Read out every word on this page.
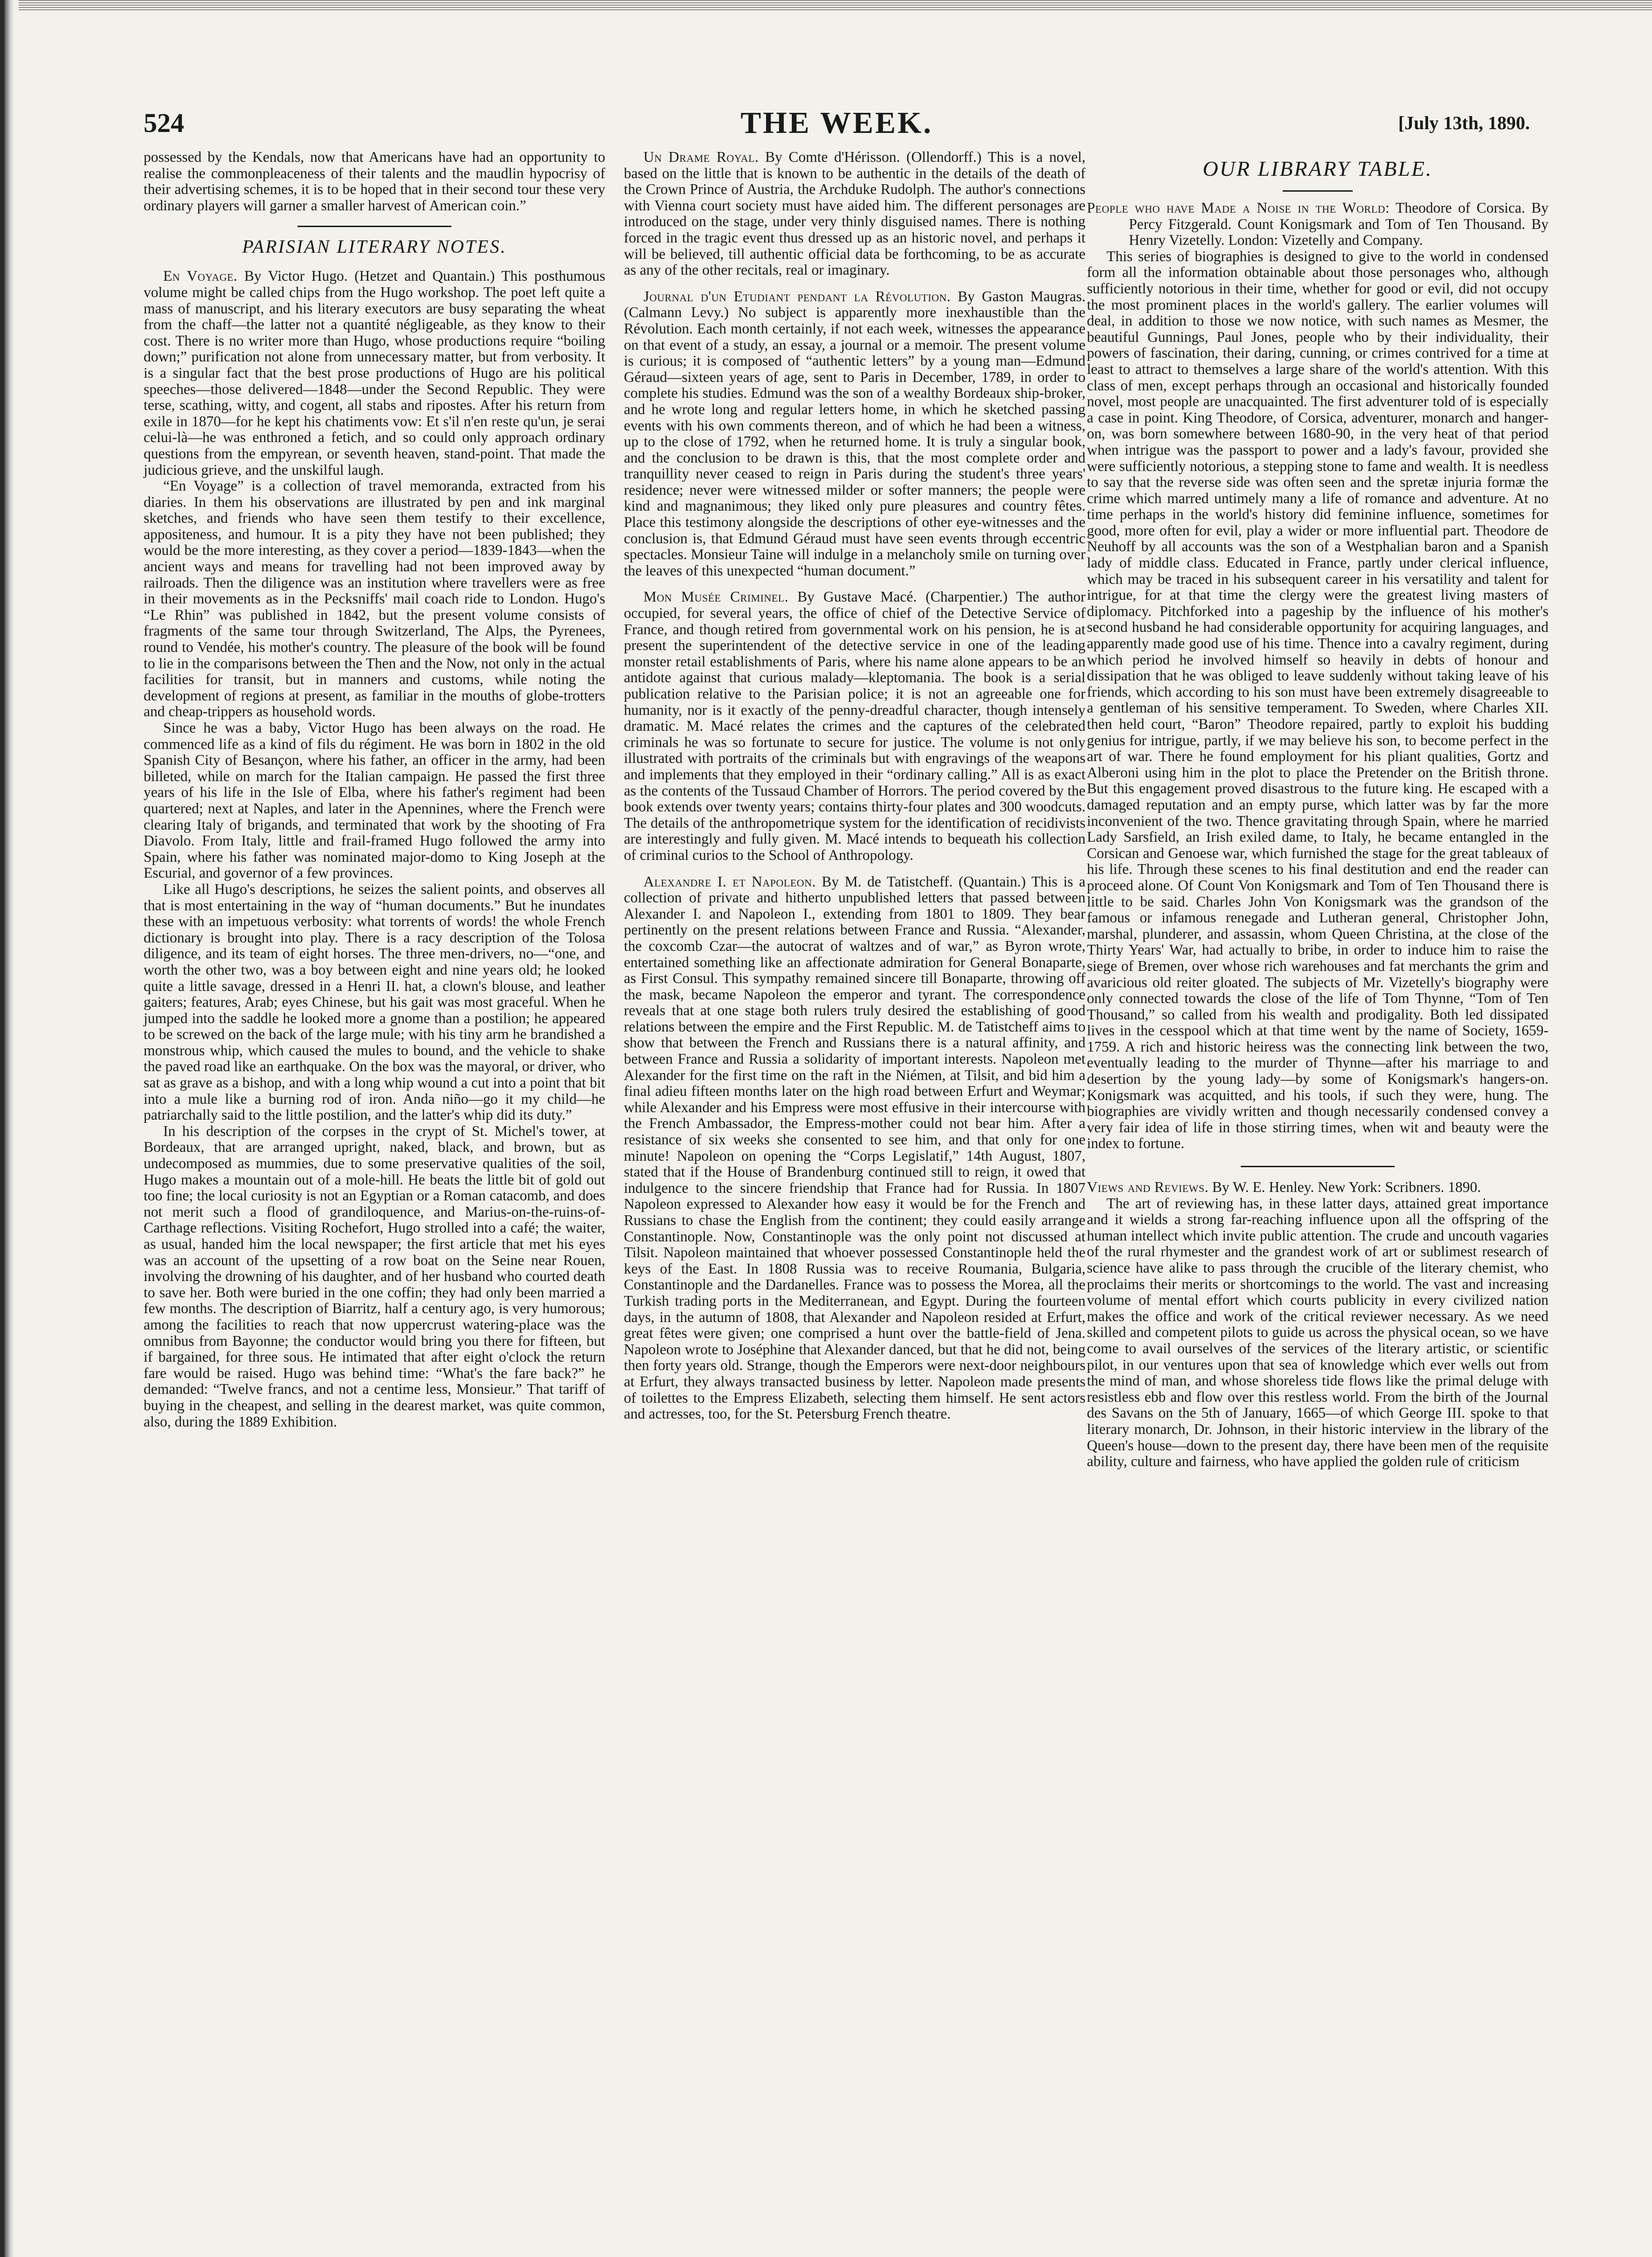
524	THE WEEK.	[July 13th, 1890.

possessed by the Kendals, now that Americans have had an opportunity to realise the commonpleaceness of their talents and the maudlin hypocrisy of their advertising schemes, it is to be hoped that in their second tour these very ordinary players will garner a smaller harvest of American coin.”

PARISIAN LITERARY NOTES.

En Voyage. By Victor Hugo. (Hetzet and Quantain.) This posthumous volume might be called chips from the Hugo workshop. The poet left quite a mass of manuscript, and his literary executors are busy separating the wheat from the chaff—the latter not a quantité négligeable, as they know to their cost. There is no writer more than Hugo, whose productions require “boiling down;” purification not alone from unnecessary matter, but from verbosity. It is a singular fact that the best prose productions of Hugo are his political speeches—those delivered—1848—under the Second Republic. They were terse, scathing, witty, and cogent, all stabs and ripostes. After his return from exile in 1870—for he kept his chatiments vow: Et s'il n'en reste qu'un, je serai celui-là—he was enthroned a fetich, and so could only approach ordinary questions from the empyrean, or seventh heaven, stand-point. That made the judicious grieve, and the unskilful laugh.

“En Voyage” is a collection of travel memoranda, extracted from his diaries. In them his observations are illustrated by pen and ink marginal sketches, and friends who have seen them testify to their excellence, appositeness, and humour. It is a pity they have not been published; they would be the more interesting, as they cover a period—1839-1843—when the ancient ways and means for travelling had not been improved away by railroads. Then the diligence was an institution where travellers were as free in their movements as in the Pecksniffs' mail coach ride to London. Hugo's “Le Rhin” was published in 1842, but the present volume consists of fragments of the same tour through Switzerland, The Alps, the Pyrenees, round to Vendée, his mother's country. The pleasure of the book will be found to lie in the comparisons between the Then and the Now, not only in the actual facilities for transit, but in manners and customs, while noting the development of regions at present, as familiar in the mouths of globe-trotters and cheap-trippers as household words.

Since he was a baby, Victor Hugo has been always on the road. He commenced life as a kind of fils du régiment. He was born in 1802 in the old Spanish City of Besançon, where his father, an officer in the army, had been billeted, while on march for the Italian campaign. He passed the first three years of his life in the Isle of Elba, where his father's regiment had been quartered; next at Naples, and later in the Apennines, where the French were clearing Italy of brigands, and terminated that work by the shooting of Fra Diavolo. From Italy, little and frail-framed Hugo followed the army into Spain, where his father was nominated major-domo to King Joseph at the Escurial, and governor of a few provinces.

Like all Hugo's descriptions, he seizes the salient points, and observes all that is most entertaining in the way of “human documents.” But he inundates these with an impetuous verbosity: what torrents of words! the whole French dictionary is brought into play. There is a racy description of the Tolosa diligence, and its team of eight horses. The three men-drivers, no—“one, and worth the other two, was a boy between eight and nine years old; he looked quite a little savage, dressed in a Henri II. hat, a clown's blouse, and leather gaiters; features, Arab; eyes Chinese, but his gait was most graceful. When he jumped into the saddle he looked more a gnome than a postilion; he appeared to be screwed on the back of the large mule; with his tiny arm he brandished a monstrous whip, which caused the mules to bound, and the vehicle to shake the paved road like an earthquake. On the box was the mayoral, or driver, who sat as grave as a bishop, and with a long whip wound a cut into a point that bit into a mule like a burning rod of iron. Anda niño—go it my child—he patriarchally said to the little postilion, and the latter's whip did its duty.”

In his description of the corpses in the crypt of St. Michel's tower, at Bordeaux, that are arranged upright, naked, black, and brown, but as undecomposed as mummies, due to some preservative qualities of the soil, Hugo makes a mountain out of a mole-hill. He beats the little bit of gold out too fine; the local curiosity is not an Egyptian or a Roman catacomb, and does not merit such a flood of grandiloquence, and Marius-on-the-ruins-of-Carthage reflections. Visiting Rochefort, Hugo strolled into a café; the waiter, as usual, handed him the local newspaper; the first article that met his eyes was an account of the upsetting of a row boat on the Seine near Rouen, involving the drowning of his daughter, and of her husband who courted death to save her. Both were buried in the one coffin; they had only been married a few months. The description of Biarritz, half a century ago, is very humorous; among the facilities to reach that now uppercrust watering-place was the omnibus from Bayonne; the conductor would bring you there for fifteen, but if bargained, for three sous. He intimated that after eight o'clock the return fare would be raised. Hugo was behind time: “What's the fare back?” he demanded: “Twelve francs, and not a centime less, Monsieur.” That tariff of buying in the cheapest, and selling in the dearest market, was quite common, also, during the 1889 Exhibition.

Un Drame Royal. By Comte d'Hérisson. (Ollendorff.) This is a novel, based on the little that is known to be authentic in the details of the death of the Crown Prince of Austria, the Archduke Rudolph. The author's connections with Vienna court society must have aided him. The different personages are introduced on the stage, under very thinly disguised names. There is nothing forced in the tragic event thus dressed up as an historic novel, and perhaps it will be believed, till authentic official data be forthcoming, to be as accurate as any of the other recitals, real or imaginary.

Journal d'un Etudiant pendant la Révolution. By Gaston Maugras. (Calmann Levy.) No subject is apparently more inexhaustible than the Révolution. Each month certainly, if not each week, witnesses the appearance on that event of a study, an essay, a journal or a memoir. The present volume is curious; it is composed of “authentic letters” by a young man—Edmund Géraud—sixteen years of age, sent to Paris in December, 1789, in order to complete his studies. Edmund was the son of a wealthy Bordeaux ship-broker, and he wrote long and regular letters home, in which he sketched passing events with his own comments thereon, and of which he had been a witness, up to the close of 1792, when he returned home. It is truly a singular book, and the conclusion to be drawn is this, that the most complete order and tranquillity never ceased to reign in Paris during the student's three years' residence; never were witnessed milder or softer manners; the people were kind and magnanimous; they liked only pure pleasures and country fêtes. Place this testimony alongside the descriptions of other eye-witnesses and the conclusion is, that Edmund Géraud must have seen events through eccentric spectacles. Monsieur Taine will indulge in a melancholy smile on turning over the leaves of this unexpected “human document.”

Mon Musée Criminel. By Gustave Macé. (Charpentier.) The author occupied, for several years, the office of chief of the Detective Service of France, and though retired from governmental work on his pension, he is at present the superintendent of the detective service in one of the leading monster retail establishments of Paris, where his name alone appears to be an antidote against that curious malady—kleptomania. The book is a serial publication relative to the Parisian police; it is not an agreeable one for humanity, nor is it exactly of the penny-dreadful character, though intensely dramatic. M. Macé relates the crimes and the captures of the celebrated criminals he was so fortunate to secure for justice. The volume is not only illustrated with portraits of the criminals but with engravings of the weapons and implements that they employed in their “ordinary calling.” All is as exact as the contents of the Tussaud Chamber of Horrors. The period covered by the book extends over twenty years; contains thirty-four plates and 300 woodcuts. The details of the anthropometrique system for the identification of recidivists are interestingly and fully given. M. Macé intends to bequeath his collection of criminal curios to the School of Anthropology.

Alexandre I. et Napoleon. By M. de Tatistcheff. (Quantain.) This is a collection of private and hitherto unpublished letters that passed between Alexander I. and Napoleon I., extending from 1801 to 1809. They bear pertinently on the present relations between France and Russia. “Alexander, the coxcomb Czar—the autocrat of waltzes and of war,” as Byron wrote, entertained something like an affectionate admiration for General Bonaparte, as First Consul. This sympathy remained sincere till Bonaparte, throwing off the mask, became Napoleon the emperor and tyrant. The correspondence reveals that at one stage both rulers truly desired the establishing of good relations between the empire and the First Republic. M. de Tatistcheff aims to show that between the French and Russians there is a natural affinity, and between France and Russia a solidarity of important interests. Napoleon met Alexander for the first time on the raft in the Niémen, at Tilsit, and bid him a final adieu fifteen months later on the high road between Erfurt and Weymar; while Alexander and his Empress were most effusive in their intercourse with the French Ambassador, the Empress-mother could not bear him. After a resistance of six weeks she consented to see him, and that only for one minute! Napoleon on opening the “Corps Legislatif,” 14th August, 1807, stated that if the House of Brandenburg continued still to reign, it owed that indulgence to the sincere friendship that France had for Russia. In 1807 Napoleon expressed to Alexander how easy it would be for the French and Russians to chase the English from the continent; they could easily arrange Constantinople. Now, Constantinople was the only point not discussed at Tilsit. Napoleon maintained that whoever possessed Constantinople held the keys of the East. In 1808 Russia was to receive Roumania, Bulgaria, Constantinople and the Dardanelles. France was to possess the Morea, all the Turkish trading ports in the Mediterranean, and Egypt. During the fourteen days, in the autumn of 1808, that Alexander and Napoleon resided at Erfurt, great fêtes were given; one comprised a hunt over the battle-field of Jena. Napoleon wrote to Joséphine that Alexander danced, but that he did not, being then forty years old. Strange, though the Emperors were next-door neighbours at Erfurt, they always transacted business by letter. Napoleon made presents of toilettes to the Empress Elizabeth, selecting them himself. He sent actors and actresses, too, for the St. Petersburg French theatre.

OUR LIBRARY TABLE.

People who have Made a Noise in the World: Theodore of Corsica. By Percy Fitzgerald. Count Konigsmark and Tom of Ten Thousand. By Henry Vizetelly. London: Vizetelly and Company.

This series of biographies is designed to give to the world in condensed form all the information obtainable about those personages who, although sufficiently notorious in their time, whether for good or evil, did not occupy the most prominent places in the world's gallery. The earlier volumes will deal, in addition to those we now notice, with such names as Mesmer, the beautiful Gunnings, Paul Jones, people who by their individuality, their powers of fascination, their daring, cunning, or crimes contrived for a time at least to attract to themselves a large share of the world's attention. With this class of men, except perhaps through an occasional and historically founded novel, most people are unacquainted. The first adventurer told of is especially a case in point. King Theodore, of Corsica, adventurer, monarch and hanger-on, was born somewhere between 1680-90, in the very heat of that period when intrigue was the passport to power and a lady's favour, provided she were sufficiently notorious, a stepping stone to fame and wealth. It is needless to say that the reverse side was often seen and the spretæ injuria formæ the crime which marred untimely many a life of romance and adventure. At no time perhaps in the world's history did feminine influence, sometimes for good, more often for evil, play a wider or more influential part. Theodore de Neuhoff by all accounts was the son of a Westphalian baron and a Spanish lady of middle class. Educated in France, partly under clerical influence, which may be traced in his subsequent career in his versatility and talent for intrigue, for at that time the clergy were the greatest living masters of diplomacy. Pitchforked into a pageship by the influence of his mother's second husband he had considerable opportunity for acquiring languages, and apparently made good use of his time. Thence into a cavalry regiment, during which period he involved himself so heavily in debts of honour and dissipation that he was obliged to leave suddenly without taking leave of his friends, which according to his son must have been extremely disagreeable to a gentleman of his sensitive temperament. To Sweden, where Charles XII. then held court, “Baron” Theodore repaired, partly to exploit his budding genius for intrigue, partly, if we may believe his son, to become perfect in the art of war. There he found employment for his pliant qualities, Gortz and Alberoni using him in the plot to place the Pretender on the British throne. But this engagement proved disastrous to the future king. He escaped with a damaged reputation and an empty purse, which latter was by far the more inconvenient of the two. Thence gravitating through Spain, where he married Lady Sarsfield, an Irish exiled dame, to Italy, he became entangled in the Corsican and Genoese war, which furnished the stage for the great tableaux of his life. Through these scenes to his final destitution and end the reader can proceed alone. Of Count Von Konigsmark and Tom of Ten Thousand there is little to be said. Charles John Von Konigsmark was the grandson of the famous or infamous renegade and Lutheran general, Christopher John, marshal, plunderer, and assassin, whom Queen Christina, at the close of the Thirty Years' War, had actually to bribe, in order to induce him to raise the siege of Bremen, over whose rich warehouses and fat merchants the grim and avaricious old reiter gloated. The subjects of Mr. Vizetelly's biography were only connected towards the close of the life of Tom Thynne, “Tom of Ten Thousand,” so called from his wealth and prodigality. Both led dissipated lives in the cesspool which at that time went by the name of Society, 1659-1759. A rich and historic heiress was the connecting link between the two, eventually leading to the murder of Thynne—after his marriage to and desertion by the young lady—by some of Konigsmark's hangers-on. Konigsmark was acquitted, and his tools, if such they were, hung. The biographies are vividly written and though necessarily condensed convey a very fair idea of life in those stirring times, when wit and beauty were the index to fortune.

Views and Reviews. By W. E. Henley. New York: Scribners. 1890.

The art of reviewing has, in these latter days, attained great importance and it wields a strong far-reaching influence upon all the offspring of the human intellect which invite public attention. The crude and uncouth vagaries of the rural rhymester and the grandest work of art or sublimest research of science have alike to pass through the crucible of the literary chemist, who proclaims their merits or shortcomings to the world. The vast and increasing volume of mental effort which courts publicity in every civilized nation makes the office and work of the critical reviewer necessary. As we need skilled and competent pilots to guide us across the physical ocean, so we have come to avail ourselves of the services of the literary artistic, or scientific pilot, in our ventures upon that sea of knowledge which ever wells out from the mind of man, and whose shoreless tide flows like the primal deluge with resistless ebb and flow over this restless world. From the birth of the Journal des Savans on the 5th of January, 1665—of which George III. spoke to that literary monarch, Dr. Johnson, in their historic interview in the library of the Queen's house—down to the present day, there have been men of the requisite ability, culture and fairness, who have applied the golden rule of criticism
